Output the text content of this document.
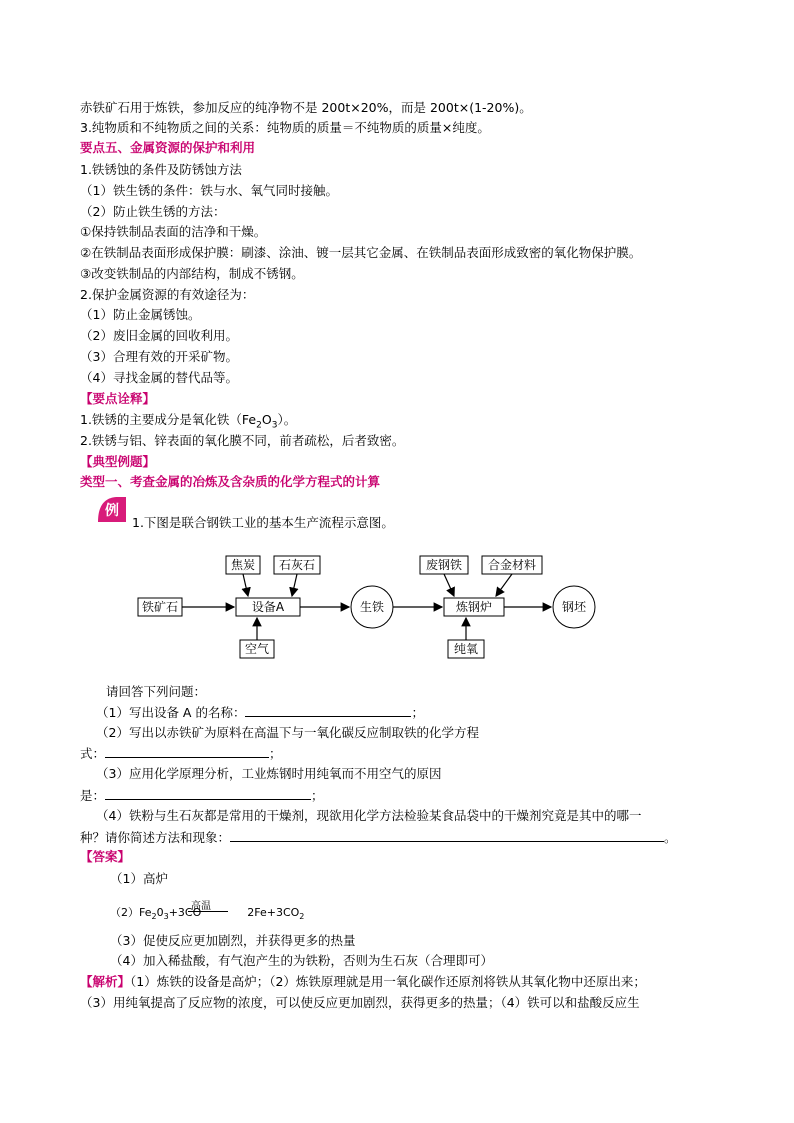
赤铁矿石用于炼铁，参加反应的纯净物不是 200t×20%，而是 200t×(1-20%)。
3.纯物质和不纯物质之间的关系：纯物质的质量＝不纯物质的质量×纯度。
要点五、金属资源的保护和利用
1.铁锈蚀的条件及防锈蚀方法
（1）铁生锈的条件：铁与水、氧气同时接触。
（2）防止铁生锈的方法：
①保持铁制品表面的洁净和干燥。
②在铁制品表面形成保护膜：刷漆、涂油、镀一层其它金属、在铁制品表面形成致密的氧化物保护膜。
③改变铁制品的内部结构，制成不锈钢。
2.保护金属资源的有效途径为：
（1）防止金属锈蚀。
（2）废旧金属的回收利用。
（3）合理有效的开采矿物。
（4）寻找金属的替代品等。
【要点诠释】
1.铁锈的主要成分是氧化铁$(Fe_2O_3)$。
2.铁锈与铝、锌表面的氧化膜不同，前者疏松，后者致密。
【典型例题】
类型一、考查金属的冶炼及含杂质的化学方程式的计算
例
1.下图是联合钢铁工业的基本生产流程示意图。
焦炭 石灰石
铁矿石	设备A
空气
生铁
废钢铁 合金材料
炼钢炉
纯氧
钢坯
请回答下列问题：
（1）写出设备 A 的名称：	；
（2）写出以赤铁矿为原料在高温下与一氧化碳反应制取铁的化学方程
式：	；
（3）应用化学原理分析，工业炼钢时用纯氧而不用空气的原因
是：	；
（4）铁粉与生石灰都是常用的干燥剂，现欲用化学方法检验某食品袋中的干燥剂究竟是其中的哪一
种？请你简述方法和现象：	。
【答案】
（1）高炉
高温
$(2)Fe_20_3+3CO$	$2Fe+3CO_2$
（3）促使反应更加剧烈，并获得更多的热量
（4）加入稀盐酸，有气泡产生的为铁粉，否则为生石灰（合理即可）
【解析】（1）炼铁的设备是高炉；（2）炼铁原理就是用一氧化碳作还原剂将铁从其氧化物中还原出来；
（3）用纯氧提高了反应物的浓度，可以使反应更加剧烈，获得更多的热量；（4）铁可以和盐酸反应生
